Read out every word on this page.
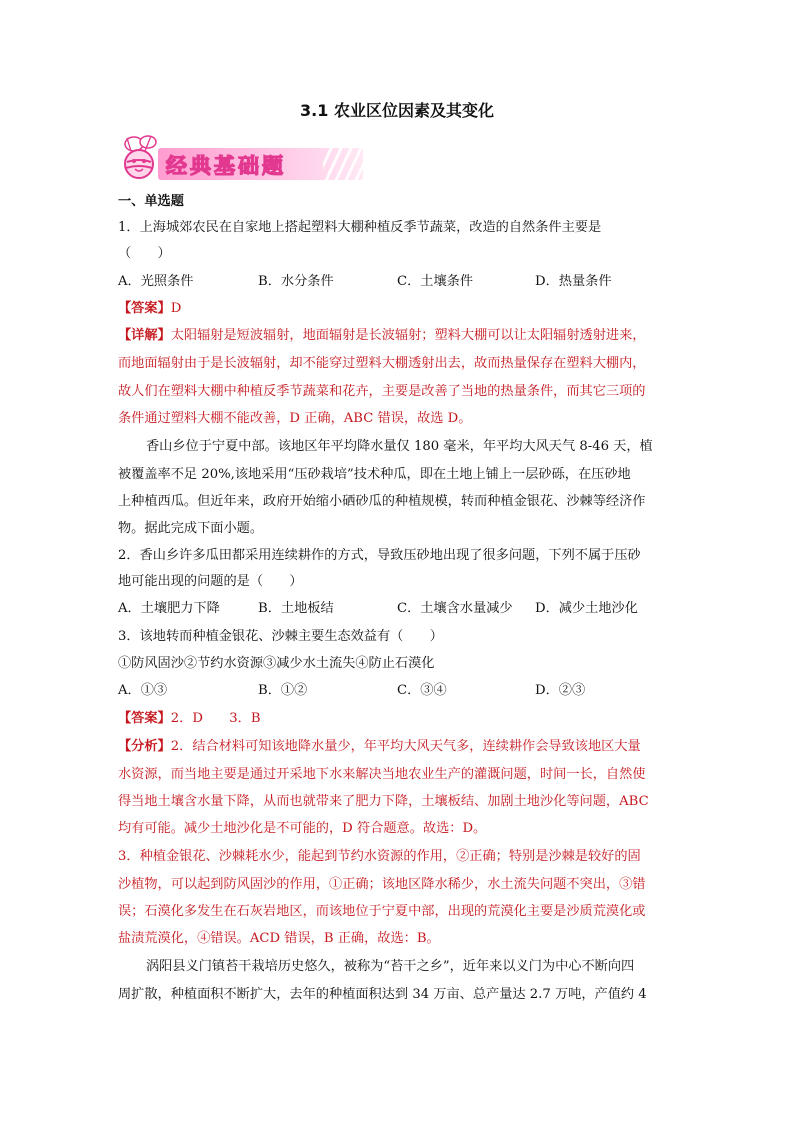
3.1 农业区位因素及其变化
经典基础题
一、单选题
1．上海城郊农民在自家地上搭起塑料大棚种植反季节蔬菜，改造的自然条件主要是
（　　）
A．光照条件	B．水分条件	C．土壤条件	D．热量条件
【答案】D
【详解】太阳辐射是短波辐射，地面辐射是长波辐射；塑料大棚可以让太阳辐射透射进来，
而地面辐射由于是长波辐射，却不能穿过塑料大棚透射出去，故而热量保存在塑料大棚内，
故人们在塑料大棚中种植反季节蔬菜和花卉，主要是改善了当地的热量条件，而其它三项的
条件通过塑料大棚不能改善，D 正确，ABC 错误，故选 D。
香山乡位于宁夏中部。该地区年平均降水量仅 180 毫米，年平均大风天气 8-46 天，植
被覆盖率不足 20%,该地采用“压砂栽培”技术种瓜，即在土地上铺上一层砂砾，在压砂地
上种植西瓜。但近年来，政府开始缩小硒砂瓜的种植规模，转而种植金银花、沙棘等经济作
物。据此完成下面小题。
2．香山乡许多瓜田都采用连续耕作的方式，导致压砂地出现了很多问题，下列不属于压砂
地可能出现的问题的是（　　）
A．土壤肥力下降	B．土地板结	C．土壤含水量减少 D．减少土地沙化
3．该地转而种植金银花、沙棘主要生态效益有（　　）
①防风固沙②节约水资源③减少水土流失④防止石漠化
A．①③	B．①②	C．③④	D．②③
【答案】2．D　　3．B
【分析】2．结合材料可知该地降水量少，年平均大风天气多，连续耕作会导致该地区大量
水资源，而当地主要是通过开采地下水来解决当地农业生产的灌溉问题，时间一长，自然使
得当地土壤含水量下降，从而也就带来了肥力下降，土壤板结、加剧土地沙化等问题，ABC
均有可能。减少土地沙化是不可能的，D 符合题意。故选：D。
3．种植金银花、沙棘耗水少，能起到节约水资源的作用，②正确；特别是沙棘是较好的固
沙植物，可以起到防风固沙的作用，①正确；该地区降水稀少，水土流失问题不突出，③错
误；石漠化多发生在石灰岩地区，而该地位于宁夏中部，出现的荒漠化主要是沙质荒漠化或
盐渍荒漠化，④错误。ACD 错误，B 正确，故选：B。
涡阳县义门镇苔干栽培历史悠久，被称为“苔干之乡”，近年来以义门为中心不断向四
周扩散，种植面积不断扩大，去年的种植面积达到 34 万亩、总产量达 2.7 万吨，产值约 4
